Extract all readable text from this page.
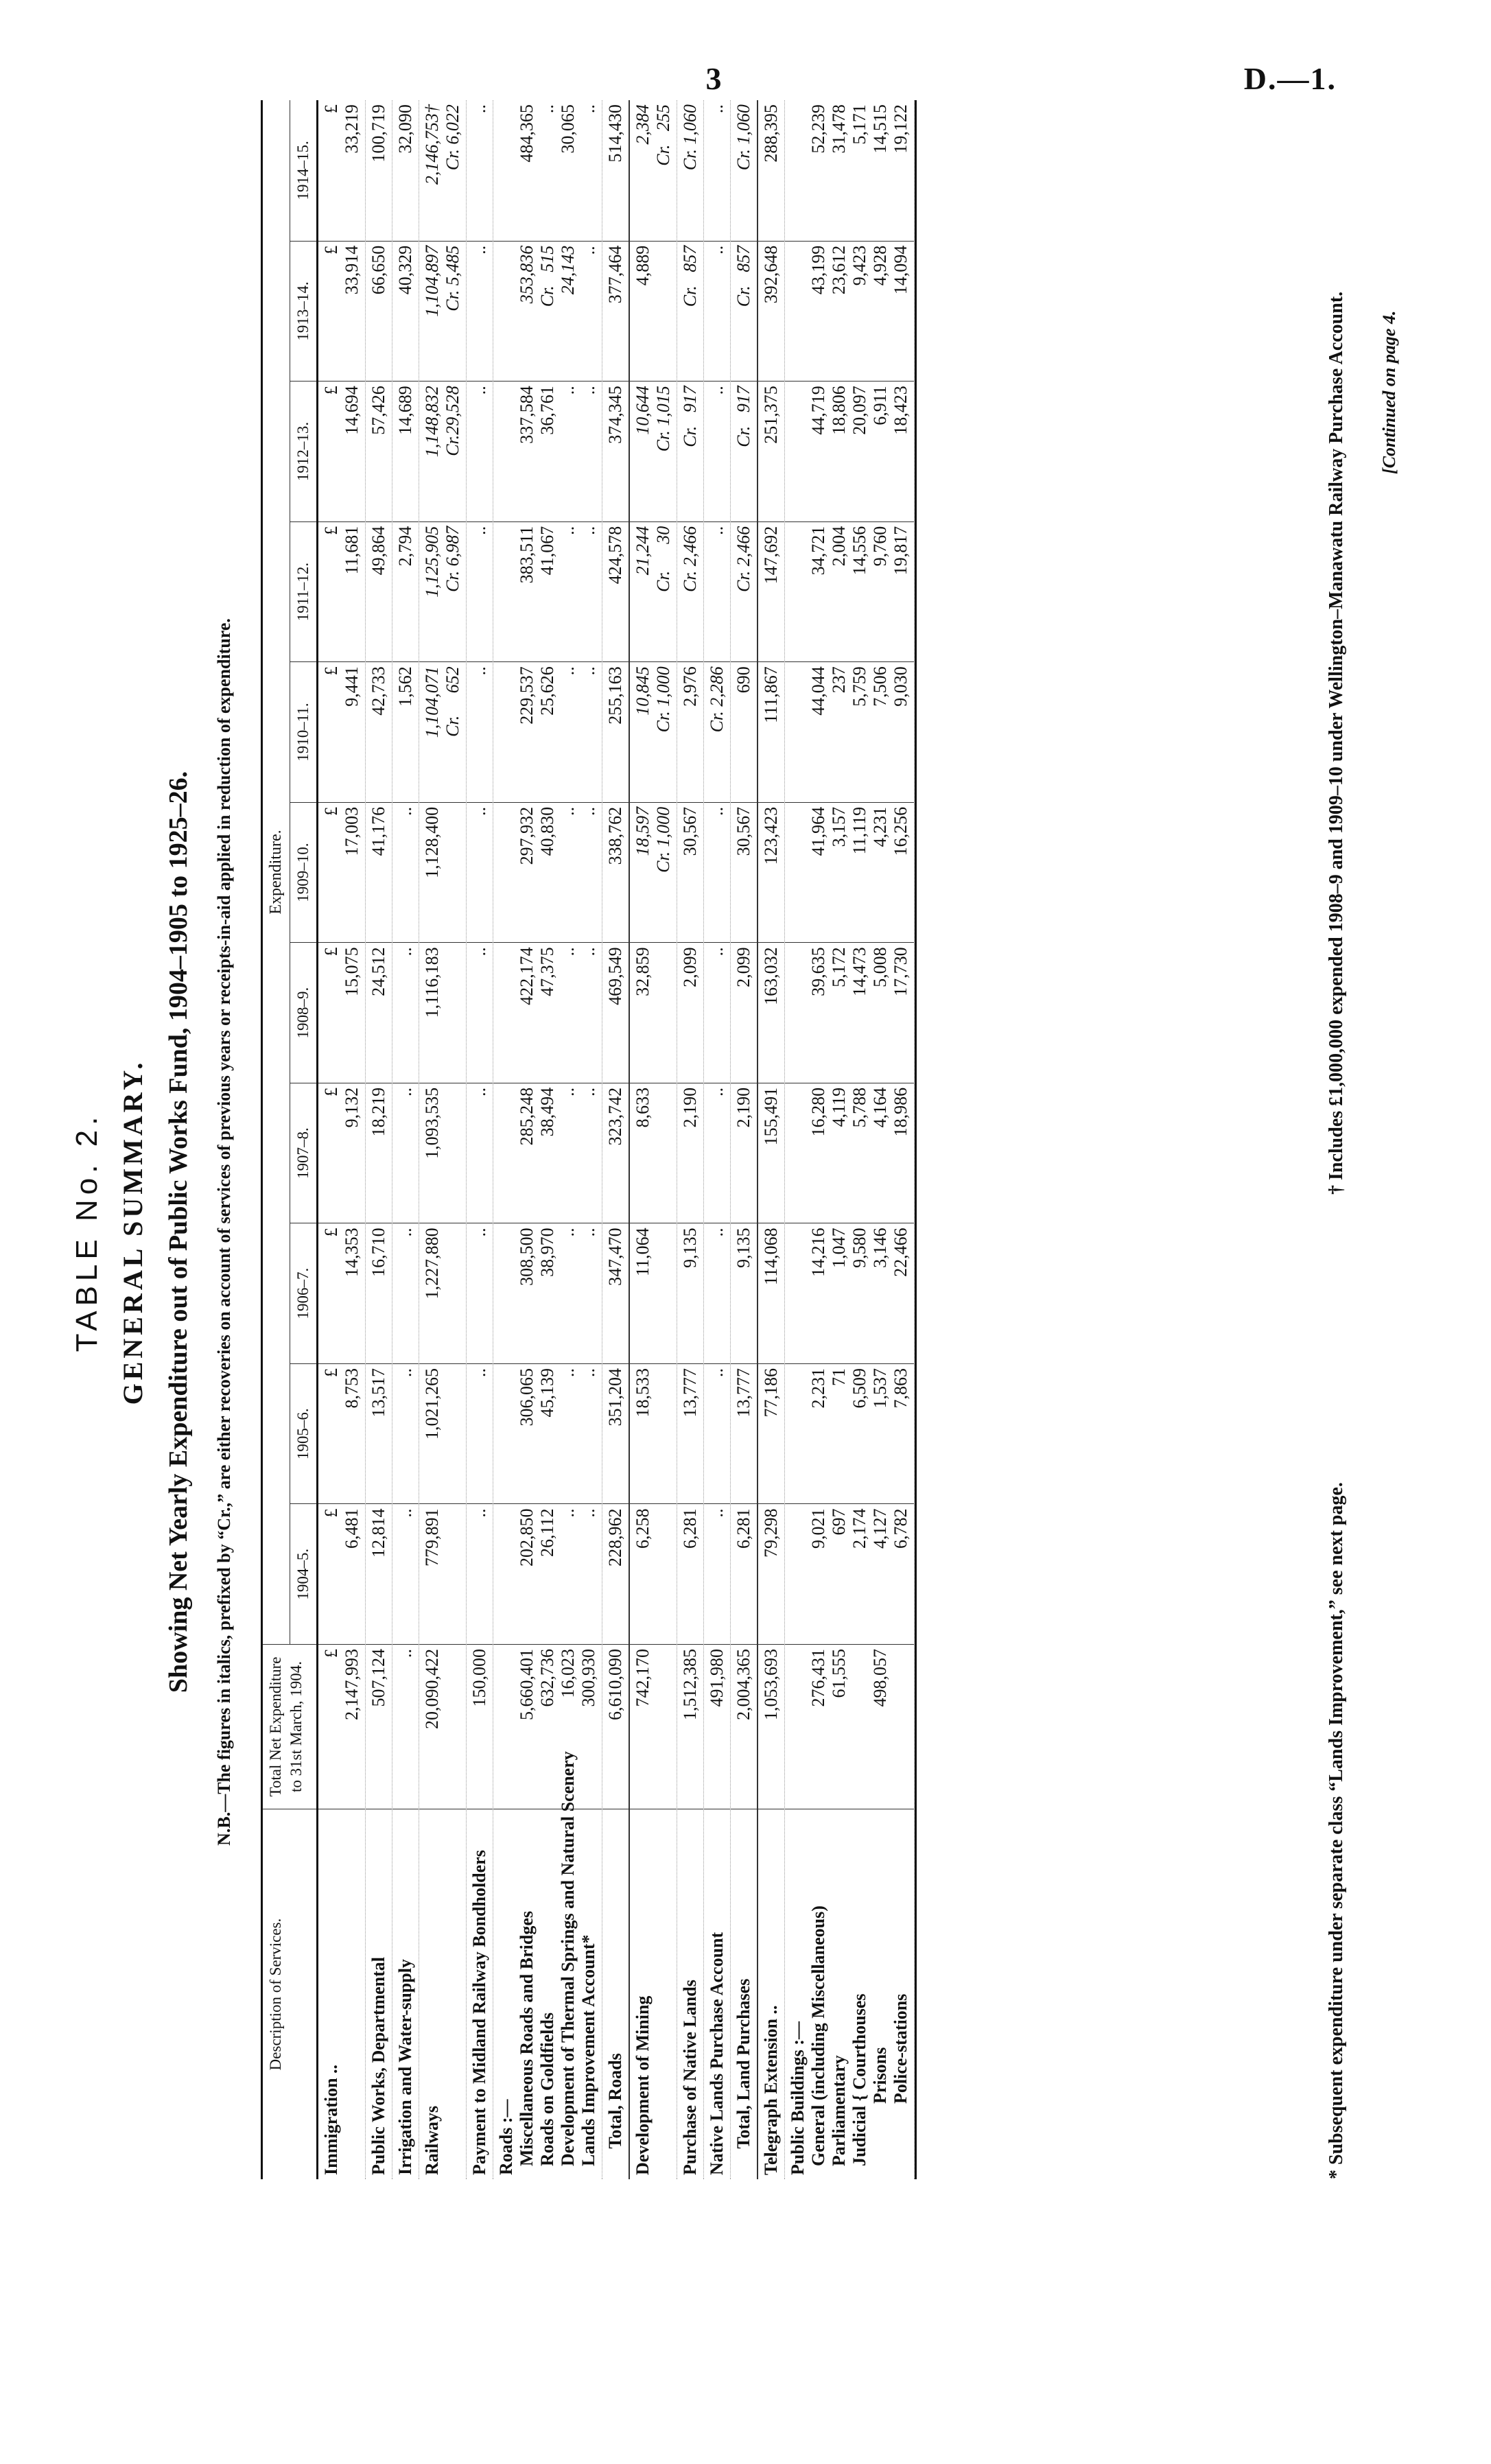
3	D.—1.
TABLE No. 2. GENERAL SUMMARY. Showing Net Yearly Expenditure out of Public Works Fund, 1904–1905 to 1925–26. N.B.—The figures in italics, prefixed by “Cr.,” are either recoveries on account of services of previous years or receipts-in-aid applied in reduction of expenditure.
Description of Services.
Total Net Expenditure to 31st March, 1904.
Expenditure.
1904–5.
1905–6.
1906–7.
1907–8.
1908–9.
1909–10.
1910–11.
1911–12.
1912–13.
1913–14.
1914–15.
Immigration ..
£
2,147,993
£
6,481
£
8,753
£
14,353
£
9,132
£
15,075
£
17,003
£
9,441
£
11,681
£
14,694
£
33,914
£
33,219
Public Works, Departmental
507,124
12,814
13,517
16,710
18,219
24,512
41,176
42,733
49,864
57,426
66,650
100,719
Irrigation and Water-supply
..
..
..
..
..
..
..
1,562
2,794
14,689
40,329
32,090
Railways
20,090,422
779,891
1,021,265
1,227,880
1,093,535
1,116,183
1,128,400
1,104,071
Cr.     652
1,125,905
Cr. 6,987
1,148,832
Cr.29,528
1,104,897
Cr. 5,485
2,146,753†
Cr. 6,022
Payment to Midland Railway Bondholders
150,000
..
..
..
..
..
..
..
..
..
..
..
Roads :—
Miscellaneous Roads and Bridges
Roads on Goldfields
Development of Thermal Springs and Natural Scenery
Lands Improvement Account*

5,660,401
632,736
16,023
300,930

202,850
26,112
..
..

306,065
45,139
..
..

308,500
38,970
..
..

285,248
38,494
..
..

422,174
47,375
..
..

297,932
40,830
..
..

229,537
25,626
..
..

383,511
41,067
..
..

337,584
36,761
..
..

353,836
Cr.   515
24,143
..

484,365
..
30,065
..
Total, Roads
6,610,090
228,962
351,204
347,470
323,742
469,549
338,762
255,163
424,578
374,345
377,464
514,430
Development of Mining
742,170
6,258
18,533
11,064
8,633
32,859
18,597
Cr. 1,000
10,845
Cr. 1,000
21,244
Cr.      30
10,644
Cr. 1,015
4,889
2,384
Cr.   255
Purchase of Native Lands
1,512,385
6,281
13,777
9,135
2,190
2,099
30,567
2,976
Cr. 2,466
Cr.   917
Cr.   857
Cr. 1,060
Native Lands Purchase Account
491,980
..
..
..
..
..
..
Cr. 2,286
..
..
..
..
Total, Land Purchases
2,004,365
6,281
13,777
9,135
2,190
2,099
30,567
690
Cr. 2,466
Cr.   917
Cr.   857
Cr. 1,060
Telegraph Extension ..
1,053,693
79,298
77,186
114,068
155,491
163,032
123,423
111,867
147,692
251,375
392,648
288,395
Public Buildings :—
General (including Miscellaneous)
Parliamentary
Judicial { Courthouses
Prisons
Police-stations

276,431
61,555

498,057

9,021
697
2,174
4,127
6,782

2,231
71
6,509
1,537
7,863

14,216
1,047
9,580
3,146
22,466

16,280
4,119
5,788
4,164
18,986

39,635
5,172
14,473
5,008
17,730

41,964
3,157
11,119
4,231
16,256

44,044
237
5,759
7,506
9,030

34,721
2,004
14,556
9,760
19,817

44,719
18,806
20,097
6,911
18,423

43,199
23,612
9,423
4,928
14,094

52,239
31,478
5,171
14,515
19,122
* Subsequent expenditure under separate class “Lands Improvement,” see next page.
† Includes £1,000,000 expended 1908–9 and 1909–10 under Wellington–Manawatu Railway Purchase Account. [Continued on page 4.
